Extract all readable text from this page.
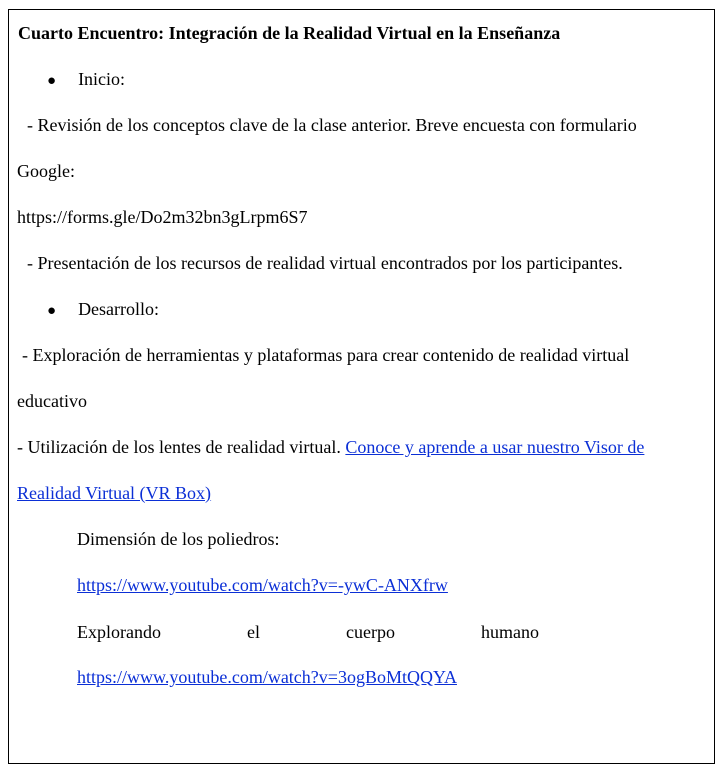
Cuarto Encuentro: Integración de la Realidad Virtual en la Enseñanza
● Inicio:
- Revisión de los conceptos clave de la clase anterior. Breve encuesta con formulario
Google:
https://forms.gle/Do2m32bn3gLrpm6S7
- Presentación de los recursos de realidad virtual encontrados por los participantes.
● Desarrollo:
- Exploración de herramientas y plataformas para crear contenido de realidad virtual
educativo
- Utilización de los lentes de realidad virtual. Conoce y aprende a usar nuestro Visor de
Realidad Virtual (VR Box)
Dimensión de los poliedros:
https://www.youtube.com/watch?v=-ywC-ANXfrw
Explorando	el	cuerpo	humano
https://www.youtube.com/watch?v=3ogBoMtQQYA
